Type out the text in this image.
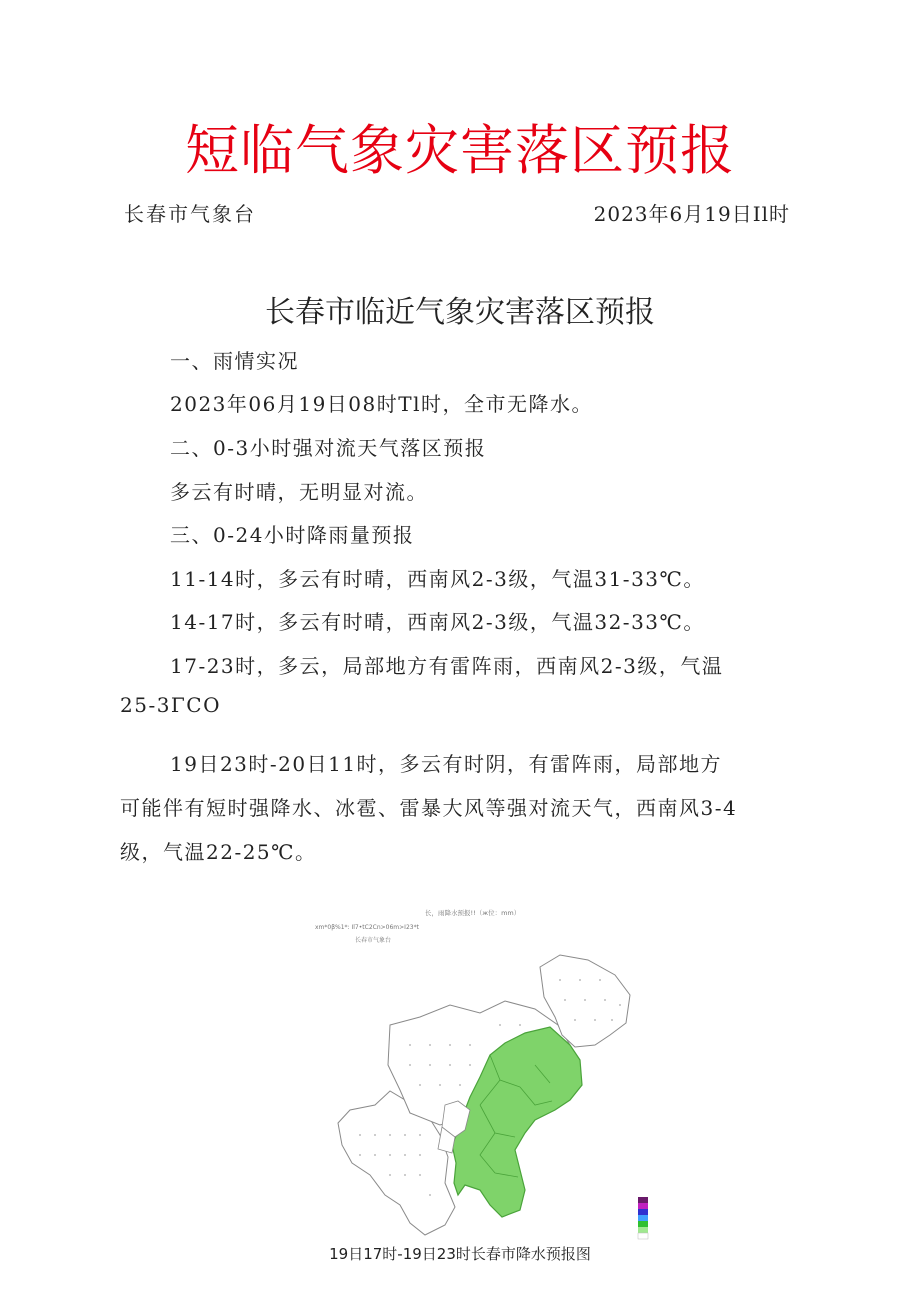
短临气象灾害落区预报
长春市气象台	2023年6月19日Il时
长春市临近气象灾害落区预报
一、雨情实况
2023年06月19日08时Tl时，全市无降水。
二、0-3小时强对流天气落区预报
多云有时晴，无明显对流。
三、0-24小时降雨量预报
11-14时，多云有时晴，西南风2-3级，气温31-33℃。
14-17时，多云有时晴，西南风2-3级，气温32-33℃。
17-23时，多云，局部地方有雷阵雨，西南风2-3级，气温
25-3ΓCO
19日23时-20日11时，多云有时阴，有雷阵雨，局部地方
可能伴有短时强降水、冰雹、雷暴大风等强对流天气，西南风3-4
级，气温22-25℃。
长，雨降水预报!!（ж位：mm）
xm*0β%1*: Il7•tC2Cn>06m>I23*t
长春市气象台
19日17时-19日23时长春市降水预报图
